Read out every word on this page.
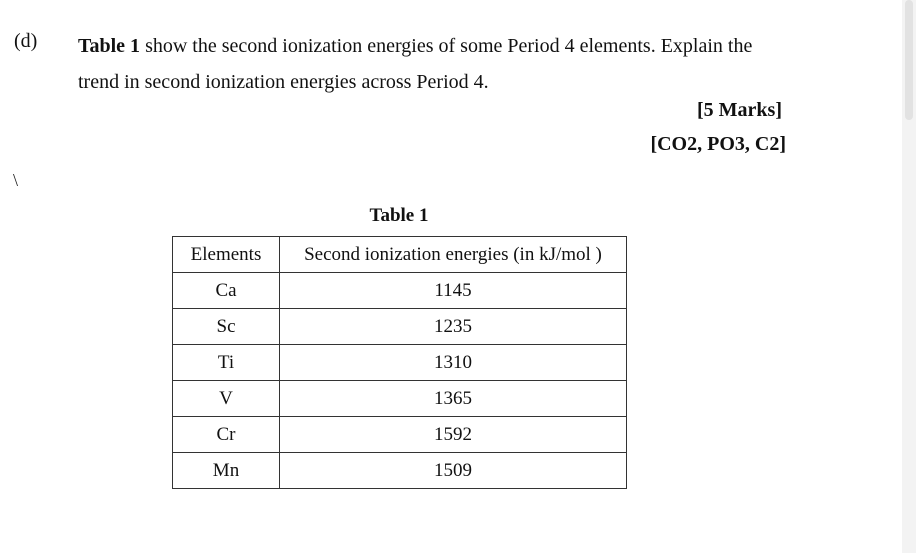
(d) Table 1 show the second ionization energies of some Period 4 elements. Explain the
trend in second ionization energies across Period 4.
[5 Marks]
[CO2, PO3, C2]
\
Table 1
Elements	Second ionization energies (in kJ/mol )
Ca	1145
Sc	1235
Ti	1310
V	1365
Cr	1592
Mn	1509
